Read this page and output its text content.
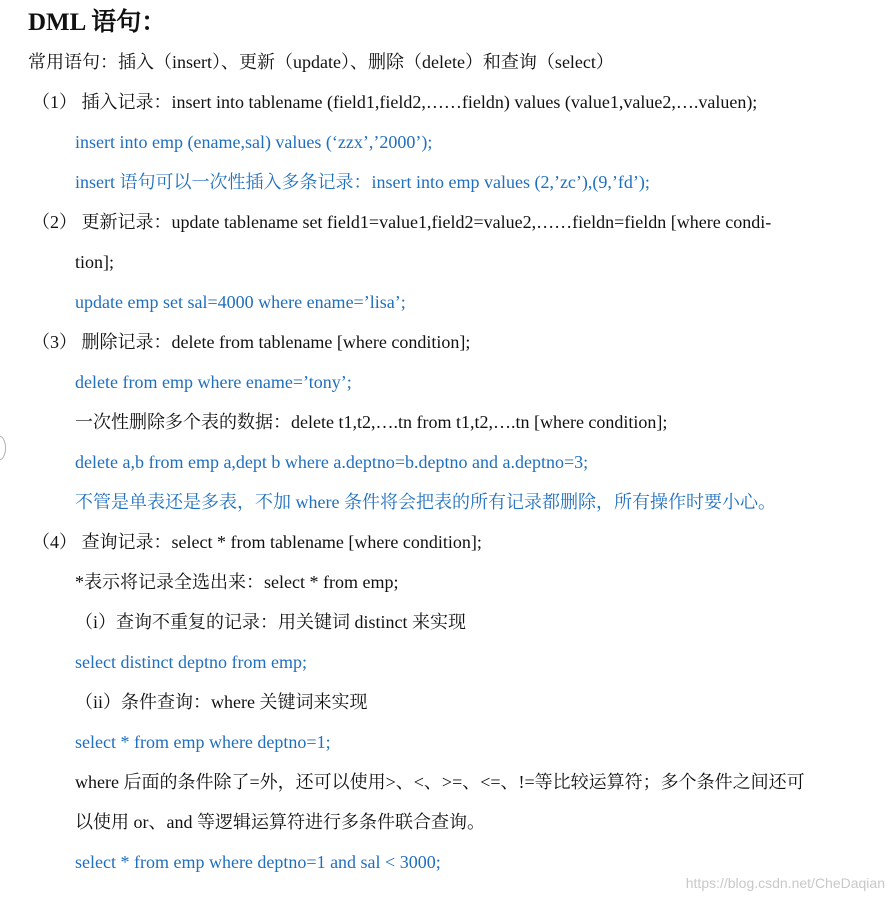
DML 语句：
常用语句：插入（insert）、更新（update）、删除（delete）和查询（select）
（1） 插入记录：insert into tablename (field1,field2,……fieldn) values (value1,value2,….valuen);
insert into emp (ename,sal) values (‘zzx’,’2000’);
insert 语句可以一次性插入多条记录：insert into emp values (2,’zc’),(9,’fd’);
（2） 更新记录：update tablename set field1=value1,field2=value2,……fieldn=fieldn [where condi-
tion];
update emp set sal=4000 where ename=’lisa’;
（3） 删除记录：delete from tablename [where condition];
delete from emp where ename=’tony’;
一次性删除多个表的数据：delete t1,t2,….tn from t1,t2,….tn [where condition];
delete a,b from emp a,dept b where a.deptno=b.deptno and a.deptno=3;
不管是单表还是多表，不加 where 条件将会把表的所有记录都删除，所有操作时要小心。
（4） 查询记录：select * from tablename [where condition];
*表示将记录全选出来：select * from emp;
（i）查询不重复的记录：用关键词 distinct 来实现
select distinct deptno from emp;
（ii）条件查询：where 关键词来实现
select * from emp where deptno=1;
where 后面的条件除了=外，还可以使用>、<、>=、<=、!=等比较运算符；多个条件之间还可
以使用 or、and 等逻辑运算符进行多条件联合查询。
select * from emp where deptno=1 and sal < 3000;
https://blog.csdn.net/CheDaqian
